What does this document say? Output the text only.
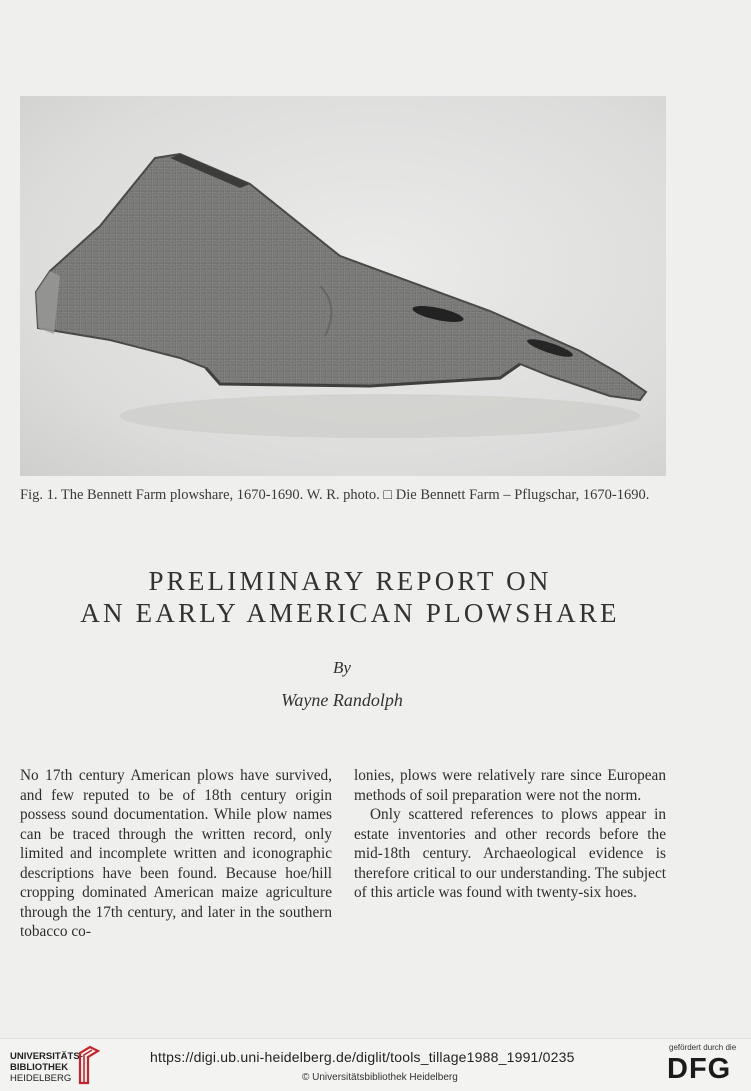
Fig. 1. The Bennett Farm plowshare, 1670-1690. W. R. photo. □ Die Bennett Farm – Pflugschar, 1670-1690.

PRELIMINARY REPORT ON
AN EARLY AMERICAN PLOWSHARE

By

Wayne Randolph

No 17th century American plows have survived, and few reputed to be of 18th century origin possess sound documentation. While plow names can be traced through the written record, only limited and incomplete written and iconographic descriptions have been found. Because hoe/hill cropping dominated American maize agriculture through the 17th century, and later in the southern tobacco co-

lonies, plows were relatively rare since European methods of soil preparation were not the norm.

Only scattered references to plows appear in estate inventories and other records before the mid-18th century. Archaeological evidence is therefore critical to our understanding. The subject of this article was found with twenty-six hoes.

UNIVERSITÄTS-
BIBLIOTHEK
HEIDELBERG
https://digi.ub.uni-heidelberg.de/diglit/tools_tillage1988_1991/0235
© Universitätsbibliothek Heidelberg
gefördert durch die
DFG
